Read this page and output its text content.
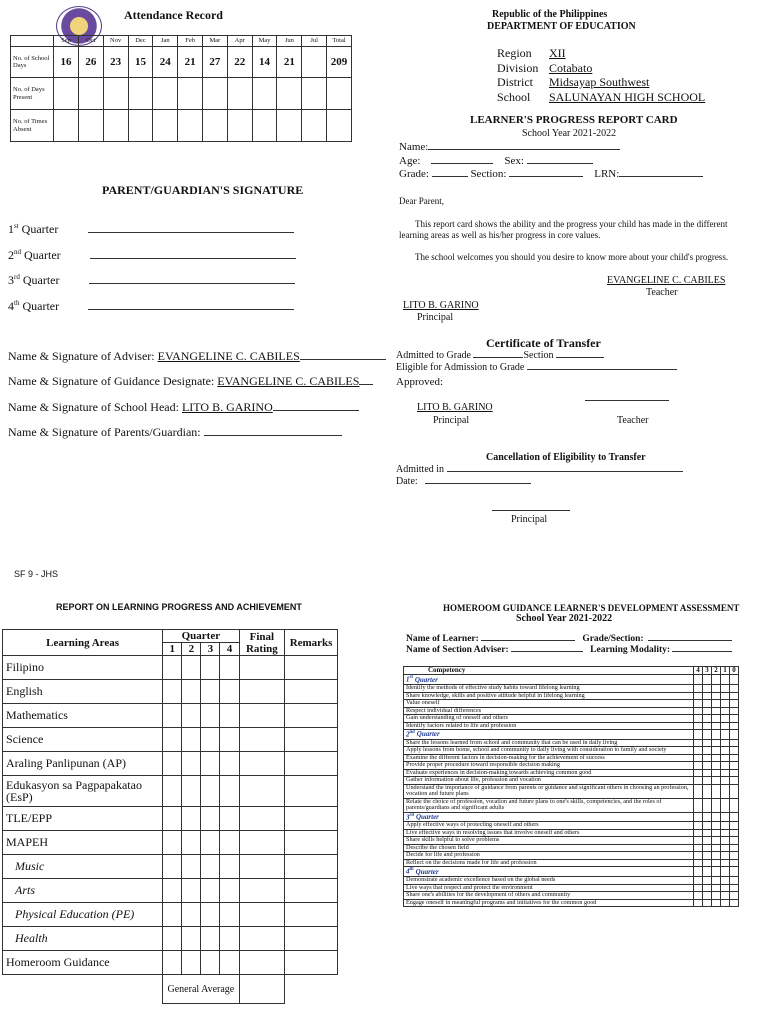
Attendance Record
	Sep	Oct	Nov	Dec	Jan	Feb	Mar	Apr	May	Jun	Jul	Total
No. of School Days	16	26	23	15	24	21	27	22	14	21		209
No. of Days Present												
No. of Times Absent												
PARENT/GUARDIAN'S SIGNATURE
1st Quarter
2nd Quarter
3rd Quarter
4th Quarter
Name & Signature of Adviser: EVANGELINE C. CABILES
Name & Signature of Guidance Designate: EVANGELINE C. CABILES
Name & Signature of School Head: LITO B. GARINO
Name & Signature of Parents/Guardian:
SF 9 - JHS
Republic of the Philippines
DEPARTMENT OF EDUCATION
Region XII
Division Cotabato
District Midsayap Southwest
School SALUNAYAN HIGH SCHOOL
LEARNER'S PROGRESS REPORT CARD
School Year 2021-2022
Name:
Age:	Sex:
Grade:	Section:	LRN:
Dear Parent,
This report card shows the ability and the progress your child has made in the different learning areas as well as his/her progress in core values.
The school welcomes you should you desire to know more about your child's progress.
EVANGELINE C. CABILES
Teacher
LITO B. GARINO
Principal
Certificate of Transfer
Admitted to Grade	Section
Eligible for Admission to Grade
Approved:
LITO B. GARINO
Principal	Teacher
Cancellation of Eligibility to Transfer
Admitted in
Date:
Principal
REPORT ON LEARNING PROGRESS AND ACHIEVEMENT
Learning Areas	Quarter				Final Rating	Remarks
	1	2	3	4		
Filipino						
English						
Mathematics						
Science						
Araling Panlipunan (AP)						
Edukasyon sa Pagpapakatao (EsP)						
TLE/EPP						
MAPEH						
Music						
Arts						
Physical Education (PE)						
Health						
Homeroom Guidance						
	General Average					
HOMEROOM GUIDANCE LEARNER'S DEVELOPMENT ASSESSMENT
School Year 2021-2022
Name of Learner:	Grade/Section:
Name of Section Adviser:	Learning Modality:
Competency	4	3	2	1	0
1st Quarter					
Identify the methods of effective study habits toward lifelong learning					
Share knowledge, skills and positive attitude helpful in lifelong learning					
Value oneself					
Respect individual differences					
Gain understanding of oneself and others					
Identify factors related to life and profession					
2nd Quarter					
Share the lessons learned from school and community that can be used in daily living					
Apply lessons from home, school and community to daily living with consideration to family and society					
Examine the different factors in decision-making for the achievement of success					
Provide proper procedure toward responsible decision making					
Evaluate experiences in decision-making towards achieving common good					
Gather information about life, profession and vocation					
Understand the importance of guidance from parents or guidance and significant others in choosing an profession, vocation and future plans					
Relate the choice of profession, vocation and future plans to one's skills, competencies, and the roles of parents/guardians and significant adults					
3rd Quarter					
Apply effective ways of protecting oneself and others					
Live effective ways in resolving issues that involve oneself and others					
Share skills helpful to solve problems					
Describe the chosen field					
Decide for life and profession					
Reflect on the decisions made for life and profession					
4th Quarter					
Demonstrate academic excellence based on the global needs					
Live ways that respect and protect the environment					
Share one's abilities for the development of others and community					
Engage oneself in meaningful programs and initiatives for the common good					
